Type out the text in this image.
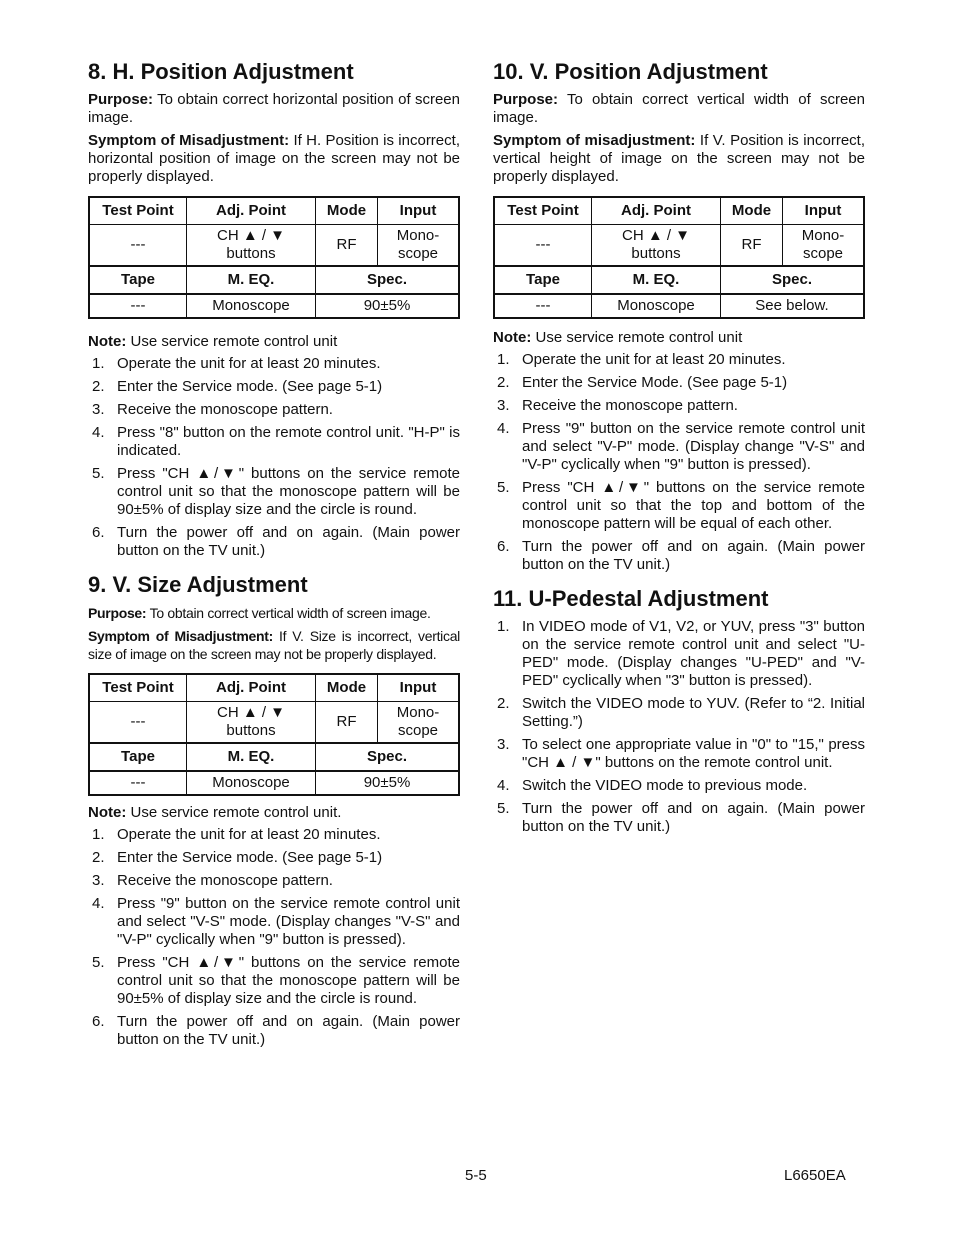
8. H. Position Adjustment

Purpose: To obtain correct horizontal position of screen image.

Symptom of Misadjustment: If H. Position is incorrect, horizontal position of image on the screen may not be properly displayed.

Test Point	Adj. Point	Mode	Input
---	CH ▲ / ▼ buttons	RF	Mono-scope
Tape	M. EQ.	Spec.	
---	Monoscope	90±5%	

Note: Use service remote control unit

1. Operate the unit for at least 20 minutes.
2. Enter the Service mode. (See page 5-1)
3. Receive the monoscope pattern.
4. Press "8" button on the remote control unit. "H-P" is indicated.
5. Press "CH ▲/▼" buttons on the service remote control unit so that the monoscope pattern will be 90±5% of display size and the circle is round.
6. Turn the power off and on again. (Main power button on the TV unit.)
9. V. Size Adjustment

Purpose: To obtain correct vertical width of screen image.

Symptom of Misadjustment: If V. Size is incorrect, vertical size of image on the screen may not be properly displayed.

Test Point	Adj. Point	Mode	Input
---	CH ▲ / ▼ buttons	RF	Mono-scope
Tape	M. EQ.	Spec.	
---	Monoscope	90±5%	

Note: Use service remote control unit.

1. Operate the unit for at least 20 minutes.
2. Enter the Service mode. (See page 5-1)
3. Receive the monoscope pattern.
4. Press "9" button on the service remote control unit and select "V-S" mode. (Display changes "V-S" and "V-P" cyclically when "9" button is pressed).
5. Press "CH ▲/▼" buttons on the service remote control unit so that the monoscope pattern will be 90±5% of display size and the circle is round.
6. Turn the power off and on again. (Main power button on the TV unit.)
10. V. Position Adjustment

Purpose: To obtain correct vertical width of screen image.

Symptom of misadjustment: If V. Position is incorrect, vertical height of image on the screen may not be properly displayed.

Test Point	Adj. Point	Mode	Input
---	CH ▲ / ▼ buttons	RF	Mono-scope
Tape	M. EQ.	Spec.	
---	Monoscope	See below.	

Note: Use service remote control unit

1. Operate the unit for at least 20 minutes.
2. Enter the Service Mode. (See page 5-1)
3. Receive the monoscope pattern.
4. Press "9" button on the service remote control unit and select "V-P" mode. (Display change "V-S" and "V-P" cyclically when "9" button is pressed).
5. Press "CH ▲/▼" buttons on the service remote control unit so that the top and bottom of the monoscope pattern will be equal of each other.
6. Turn the power off and on again. (Main power button on the TV unit.)
11. U-Pedestal Adjustment
1. In VIDEO mode of V1, V2, or YUV, press "3" button on the service remote control unit and select "U-PED" mode. (Display changes "U-PED" and "V-PED" cyclically when "3" button is pressed).
2. Switch the VIDEO mode to YUV. (Refer to “2. Initial Setting.”)
3. To select one appropriate value in "0" to "15," press "CH ▲ / ▼" buttons on the remote control unit.
4. Switch the VIDEO mode to previous mode.
5. Turn the power off and on again. (Main power button on the TV unit.)
5-5	L6650EA
